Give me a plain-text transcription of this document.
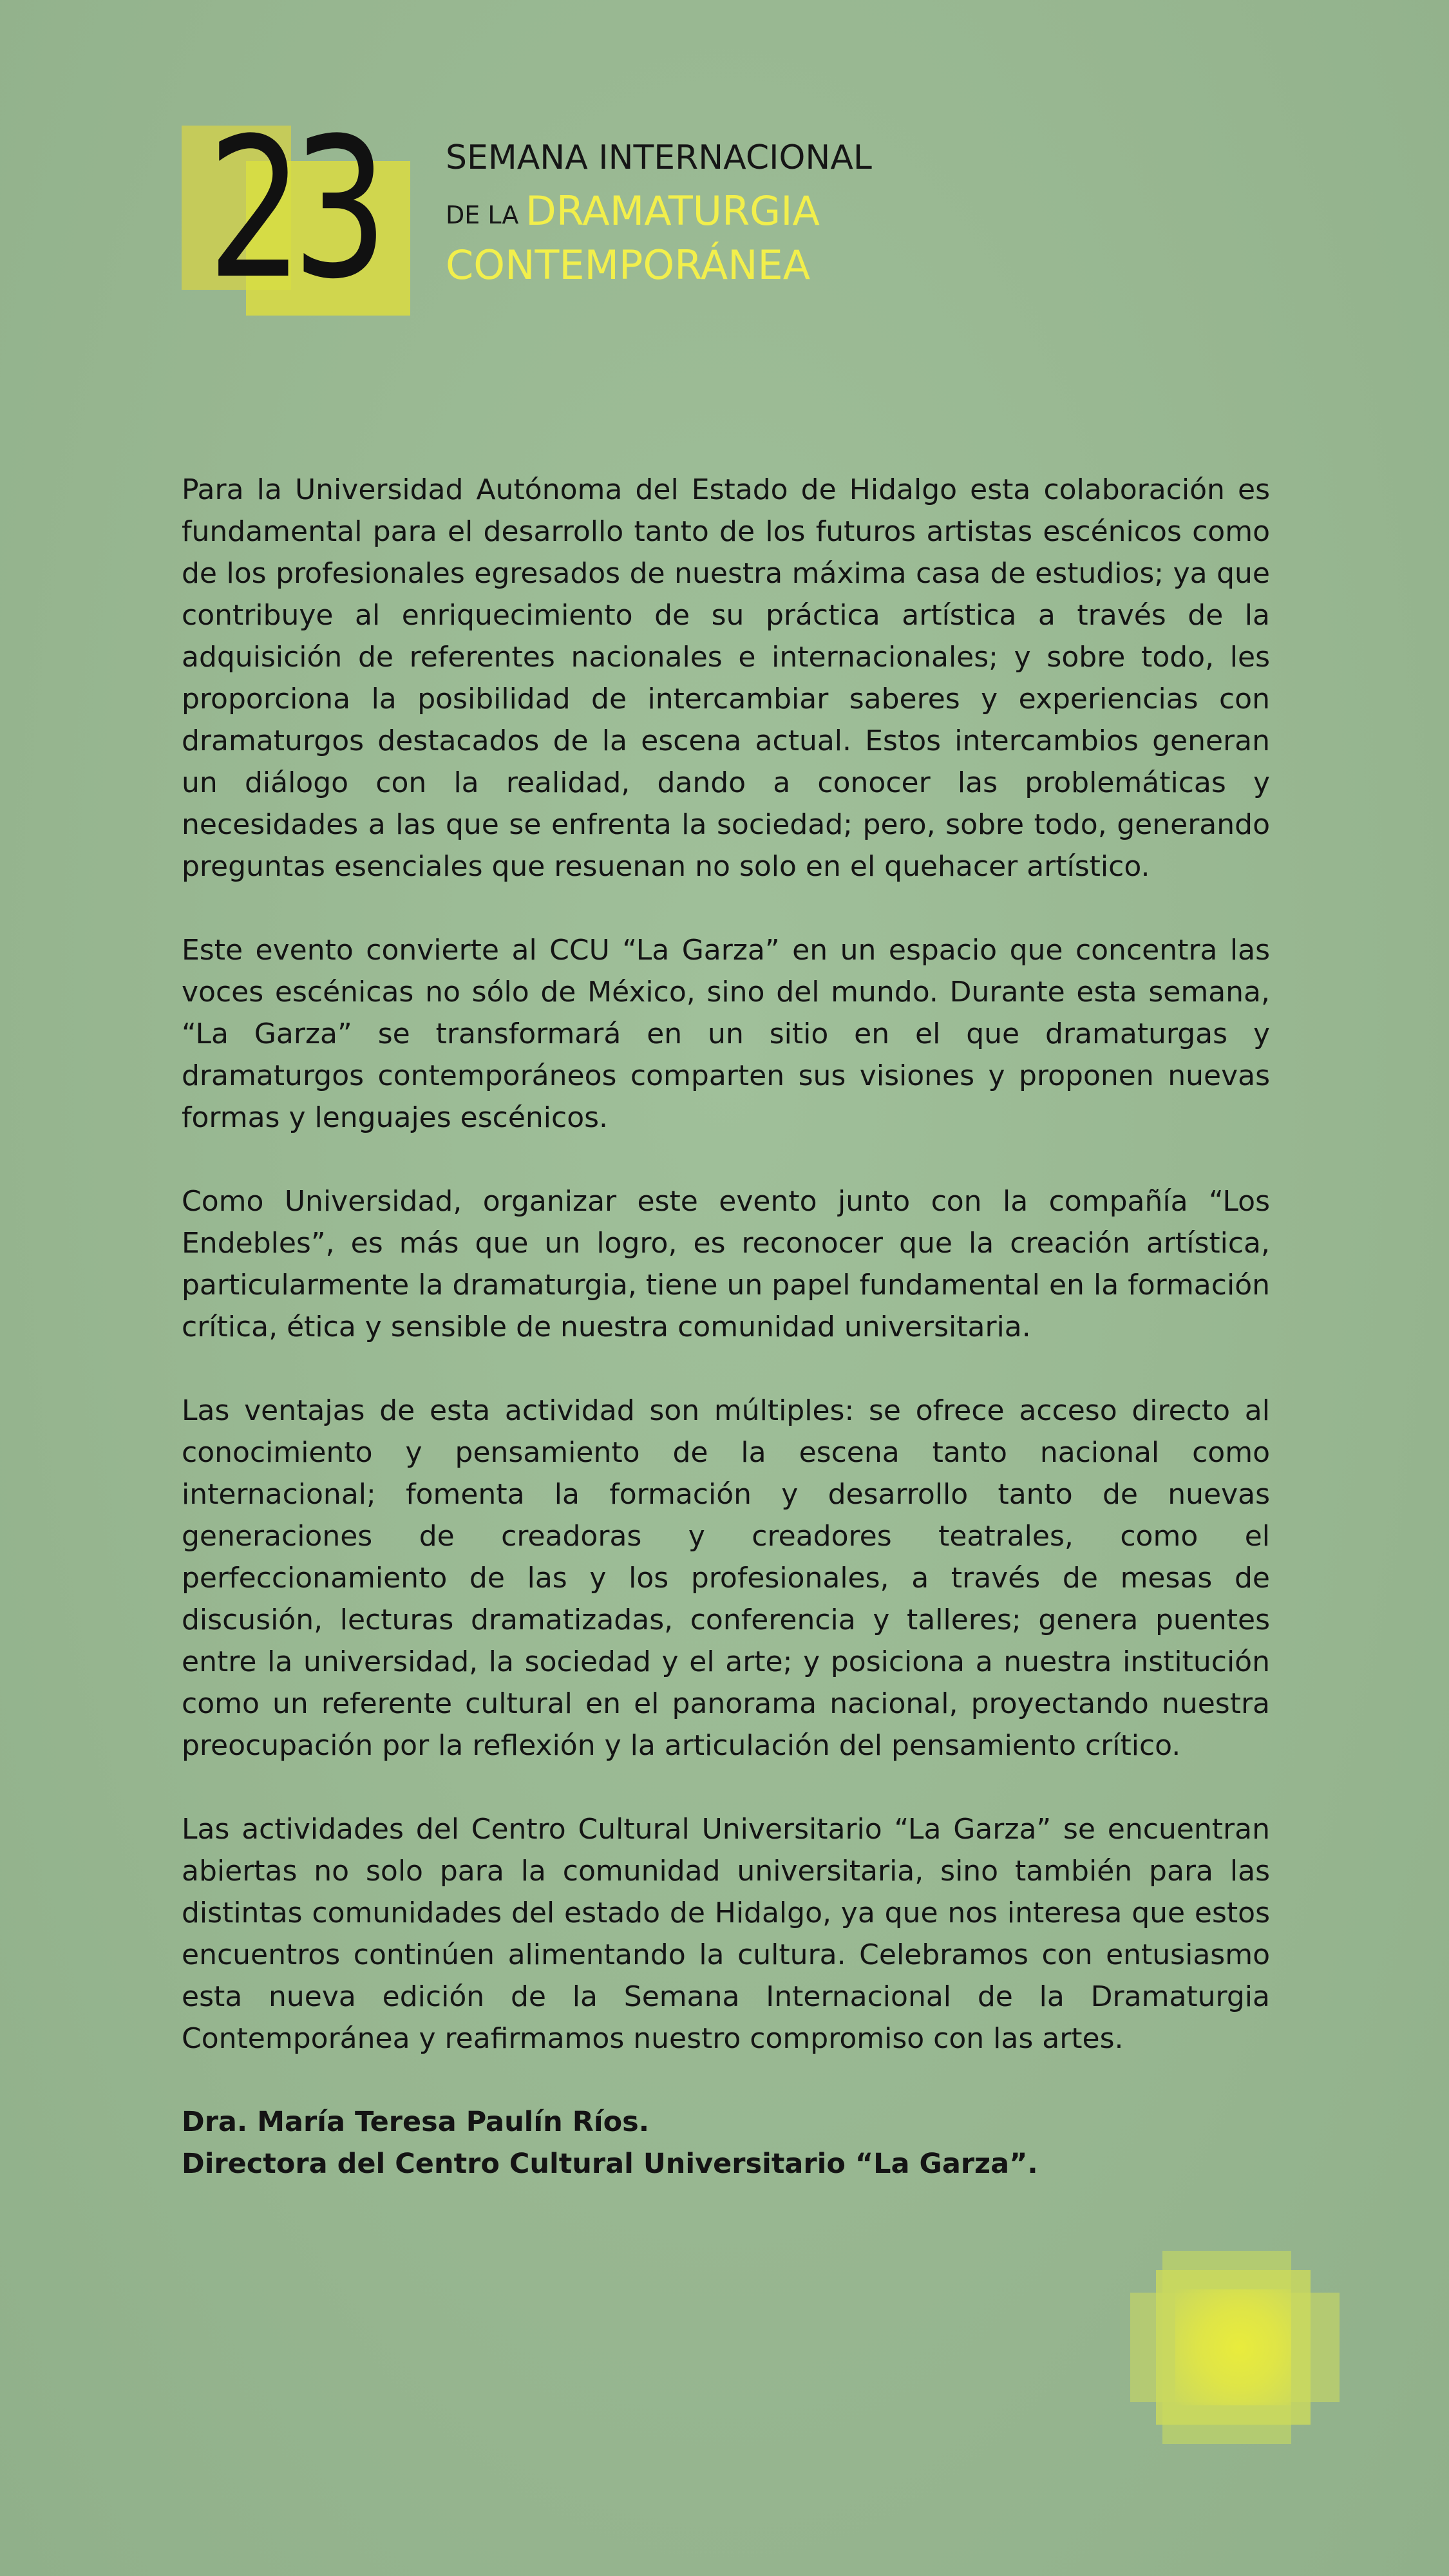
23 SEMANA INTERNACIONAL
DE LA DRAMATURGIA
CONTEMPORÁNEA

Para la Universidad Autónoma del Estado de Hidalgo esta colaboración es fundamental para el desarrollo tanto de los futuros artistas escénicos como de los profesionales egresados de nuestra máxima casa de estudios; ya que contribuye al enriquecimiento de su práctica artística a través de la adquisición de referentes nacionales e internacionales; y sobre todo, les proporciona la posibilidad de intercambiar saberes y experiencias con dramaturgos destacados de la escena actual. Estos intercambios generan un diálogo con la realidad, dando a conocer las problemáticas y necesidades a las que se enfrenta la sociedad; pero, sobre todo, generando preguntas esenciales que resuenan no solo en el quehacer artístico.

Este evento convierte al CCU “La Garza” en un espacio que concentra las voces escénicas no sólo de México, sino del mundo. Durante esta semana, “La Garza” se transformará en un sitio en el que dramaturgas y dramaturgos contemporáneos comparten sus visiones y proponen nuevas formas y lenguajes escénicos.

Como Universidad, organizar este evento junto con la compañía “Los Endebles”, es más que un logro, es reconocer que la creación artística, particularmente la dramaturgia, tiene un papel fundamental en la formación crítica, ética y sensible de nuestra comunidad universitaria.

Las ventajas de esta actividad son múltiples: se ofrece acceso directo al conocimiento y pensamiento de la escena tanto nacional como internacional; fomenta la formación y desarrollo tanto de nuevas generaciones de creadoras y creadores teatrales, como el perfeccionamiento de las y los profesionales, a través de mesas de discusión, lecturas dramatizadas, conferencia y talleres; genera puentes entre la universidad, la sociedad y el arte; y posiciona a nuestra institución como un referente cultural en el panorama nacional, proyectando nuestra preocupación por la reflexión y la articulación del pensamiento crítico.

Las actividades del Centro Cultural Universitario “La Garza” se encuentran abiertas no solo para la comunidad universitaria, sino también para las distintas comunidades del estado de Hidalgo, ya que nos interesa que estos encuentros continúen alimentando la cultura. Celebramos con entusiasmo esta nueva edición de la Semana Internacional de la Dramaturgia Contemporánea y reafirmamos nuestro compromiso con las artes.

Dra. María Teresa Paulín Ríos.

Directora del Centro Cultural Universitario “La Garza”.
